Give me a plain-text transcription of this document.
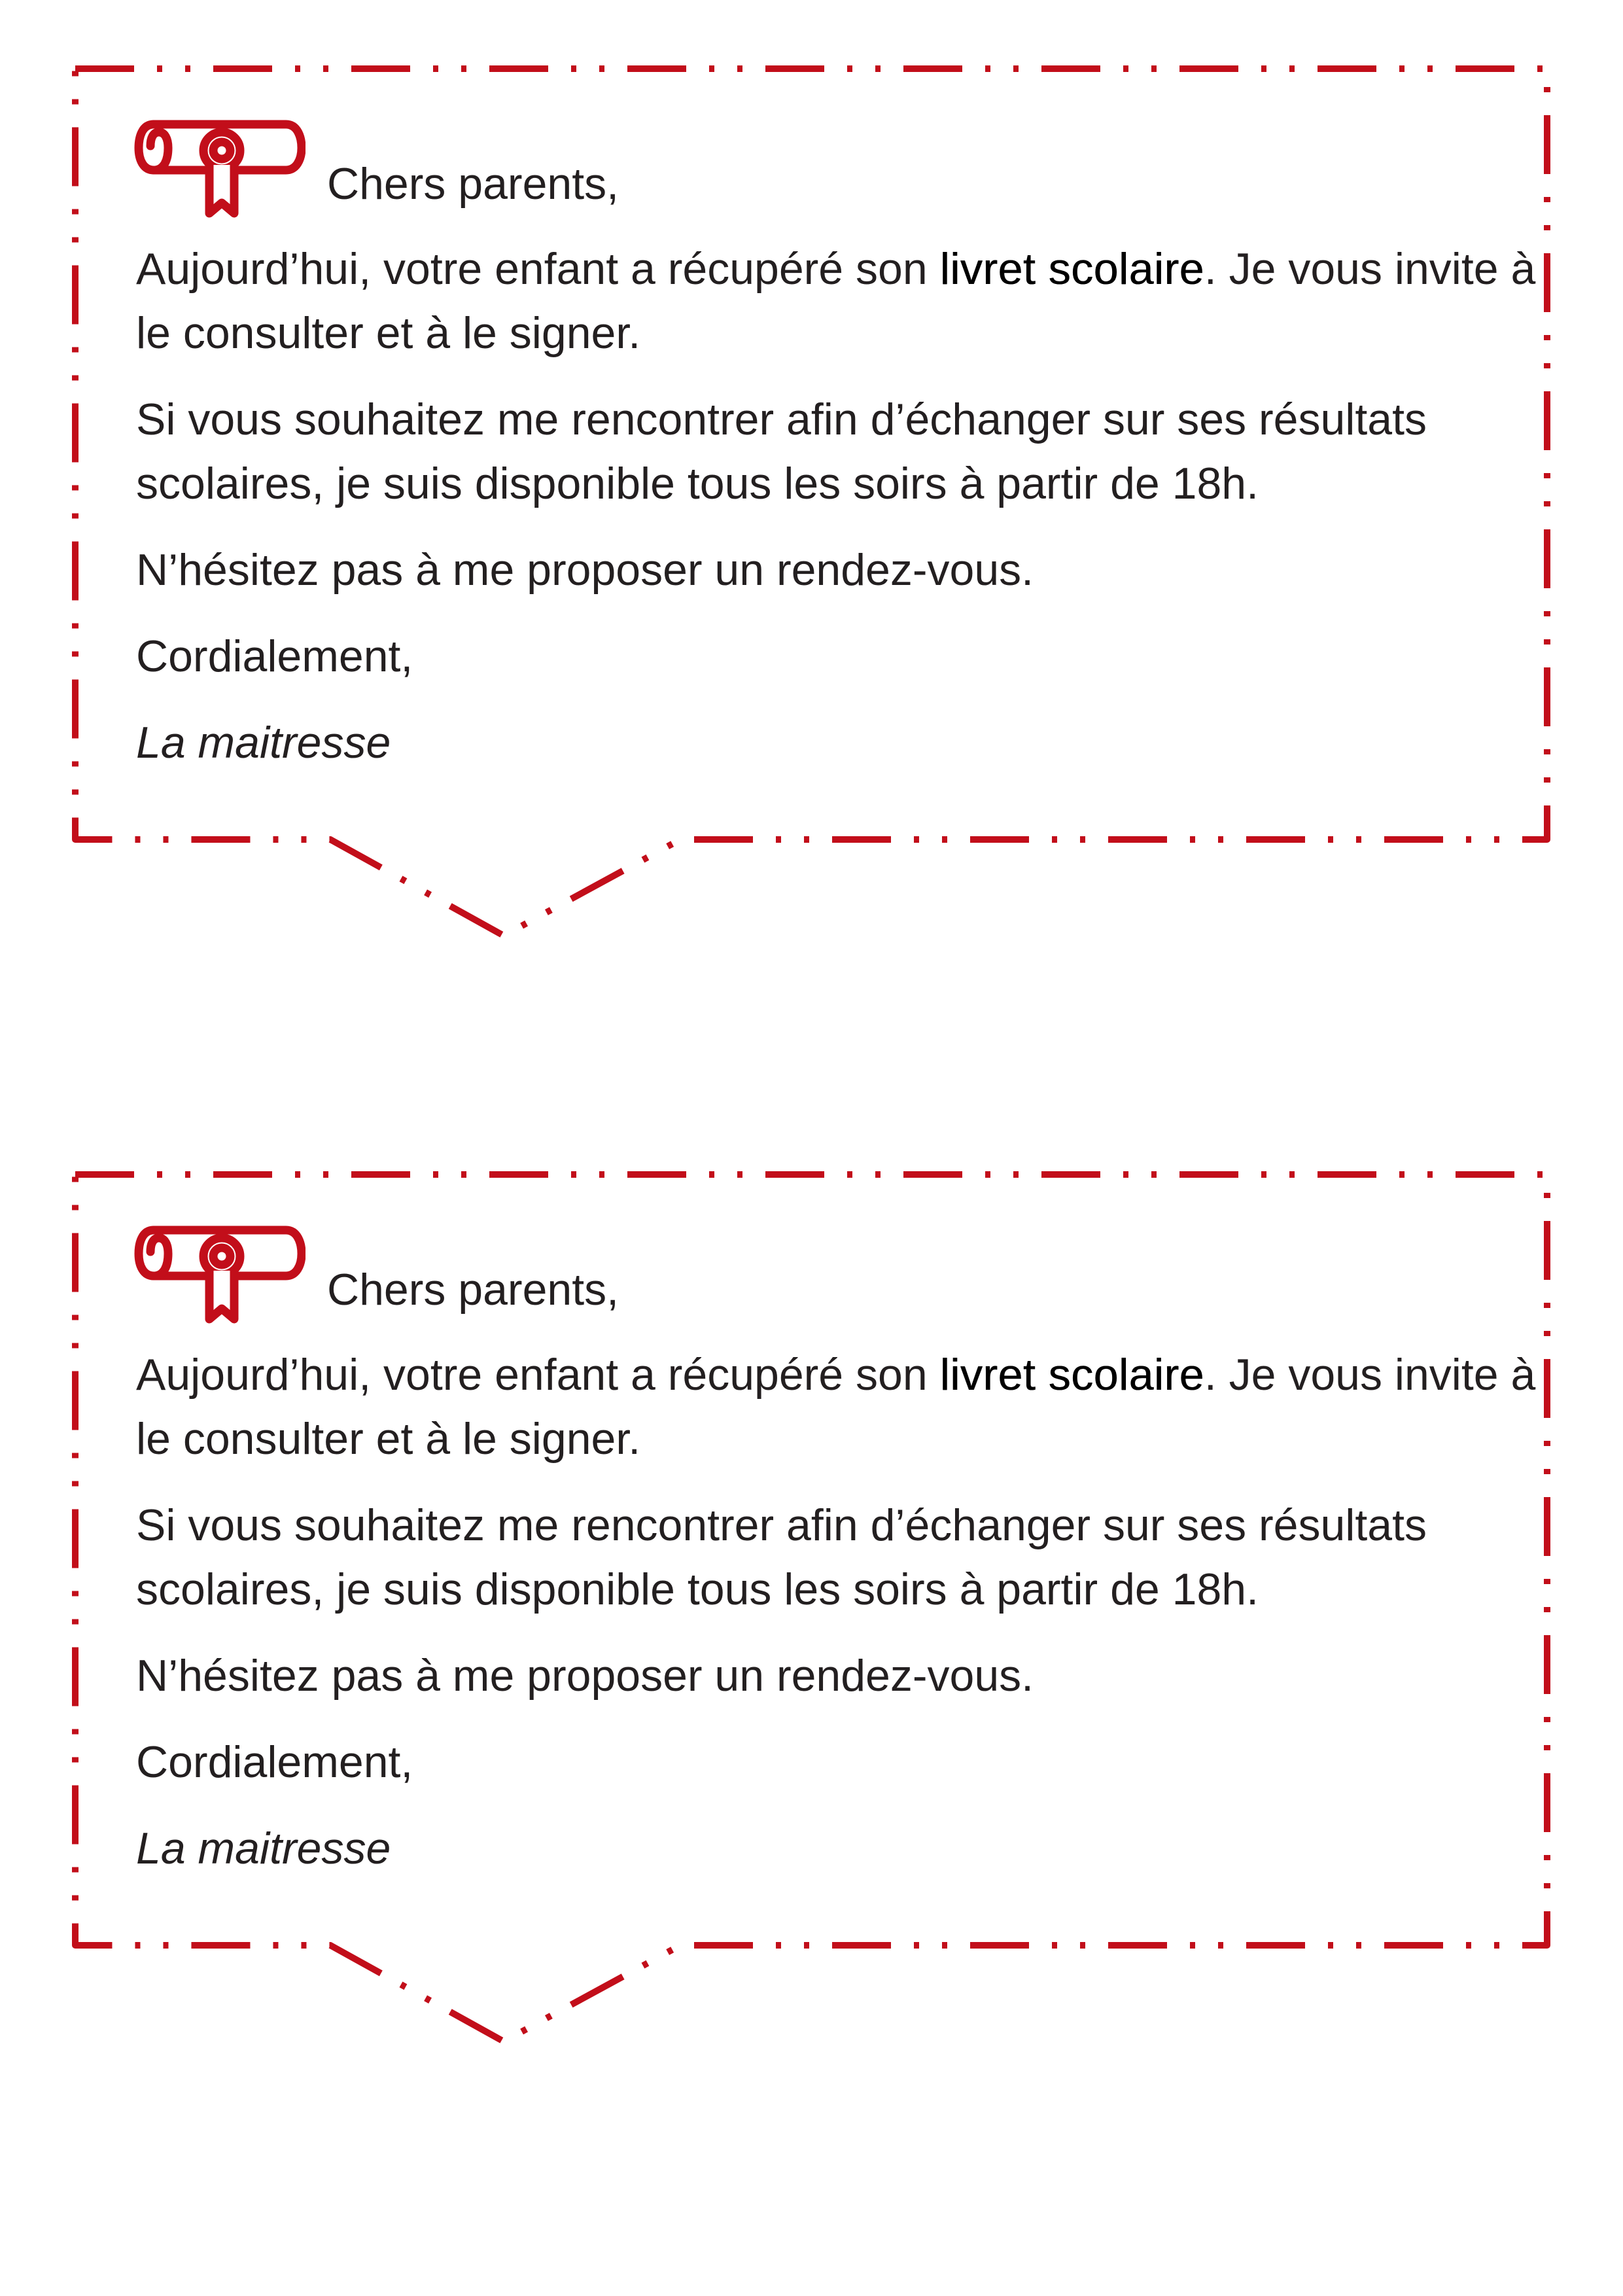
Chers parents,

Aujourd’hui, votre enfant a récupéré son livret scolaire. Je vous invite à le consulter et à le signer.

Si vous souhaitez me rencontrer afin d’échanger sur ses résultats scolaires, je suis disponible tous les soirs à partir de 18h.

N’hésitez pas à me proposer un rendez-vous.

Cordialement,

La maitresse

Chers parents,

Aujourd’hui, votre enfant a récupéré son livret scolaire. Je vous invite à le consulter et à le signer.

Si vous souhaitez me rencontrer afin d’échanger sur ses résultats scolaires, je suis disponible tous les soirs à partir de 18h.

N’hésitez pas à me proposer un rendez-vous.

Cordialement,

La maitresse
